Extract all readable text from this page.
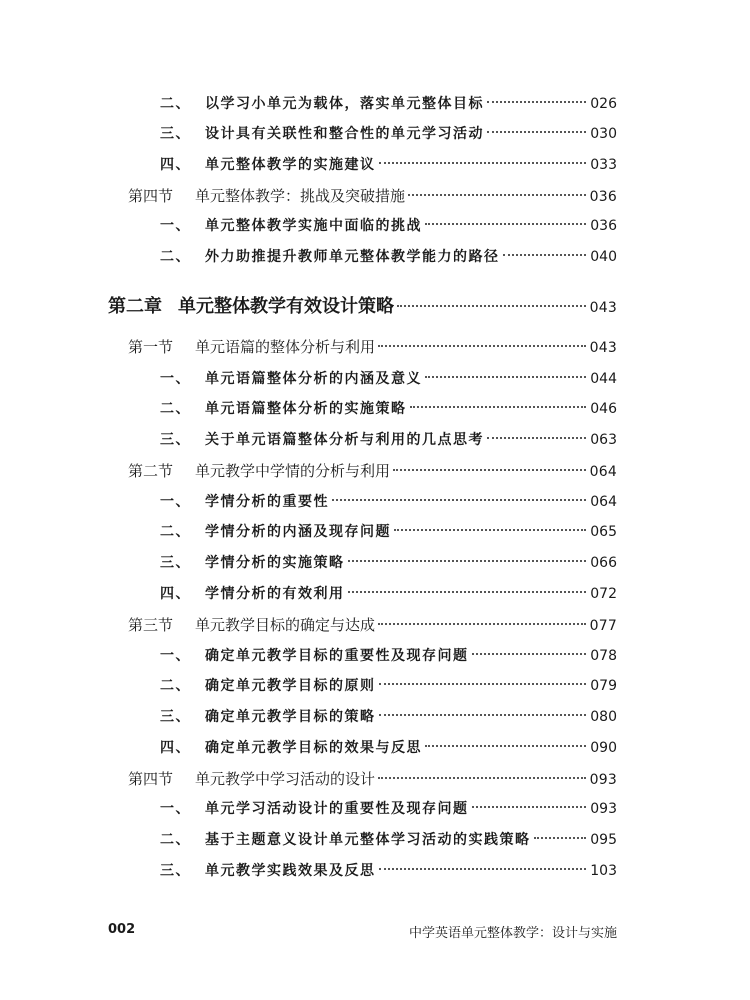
二、 以学习小单元为载体，落实单元整体目标	026
三、 设计具有关联性和整合性的单元学习活动	030
四、 单元整体教学的实施建议	033
第四节 单元整体教学：挑战及突破措施	036
一、 单元整体教学实施中面临的挑战	036
二、 外力助推提升教师单元整体教学能力的路径	040
第二章 单元整体教学有效设计策略	043
第一节 单元语篇的整体分析与利用	043
一、 单元语篇整体分析的内涵及意义	044
二、 单元语篇整体分析的实施策略	046
三、 关于单元语篇整体分析与利用的几点思考	063
第二节 单元教学中学情的分析与利用	064
一、 学情分析的重要性	064
二、 学情分析的内涵及现存问题	065
三、 学情分析的实施策略	066
四、 学情分析的有效利用	072
第三节 单元教学目标的确定与达成	077
一、 确定单元教学目标的重要性及现存问题	078
二、 确定单元教学目标的原则	079
三、 确定单元教学目标的策略	080
四、 确定单元教学目标的效果与反思	090
第四节 单元教学中学习活动的设计	093
一、 单元学习活动设计的重要性及现存问题	093
二、 基于主题意义设计单元整体学习活动的实践策略	095
三、 单元教学实践效果及反思	103
002	中学英语单元整体教学：设计与实施
